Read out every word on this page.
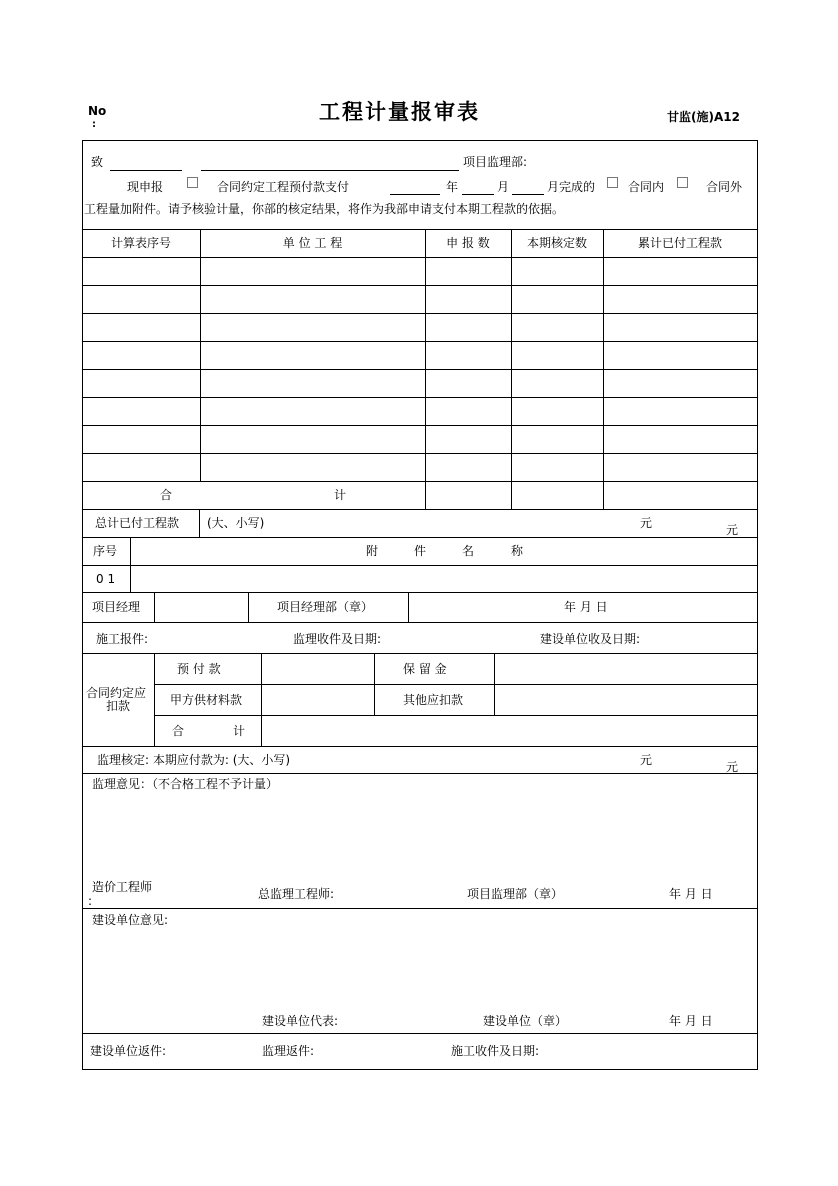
No
:
工程计量报审表	甘监(施)A12
致	项目监理部:
现申报	合同约定工程预付款支付	年	月	月完成的	合同内	合同外
工程量加附件。请予核验计量，你部的核定结果，将作为我部申请支付本期工程款的依据。
计算表序号	单 位 工 程	申 报 数	本期核定数	累计已付工程款
合	计
总计已付工程款 (大、小写)	元	元
序号	附	件	名	称
0 1
项目经理	项目经理部（章）	年 月 日
施工报件:	监理收件及日期:	建设单位收及日期:
合同约定应
扣款
预 付 款	保 留 金
甲方供材料款	其他应扣款
合	计
监理核定: 本期应付款为: (大、小写)	元	元
监理意见：（不合格工程不予计量）
造价工程师
:	总监理工程师:	项目监理部（章）	年 月 日
建设单位意见:
建设单位代表:	建设单位（章）	年 月 日
建设单位返件:	监理返件:	施工收件及日期:
